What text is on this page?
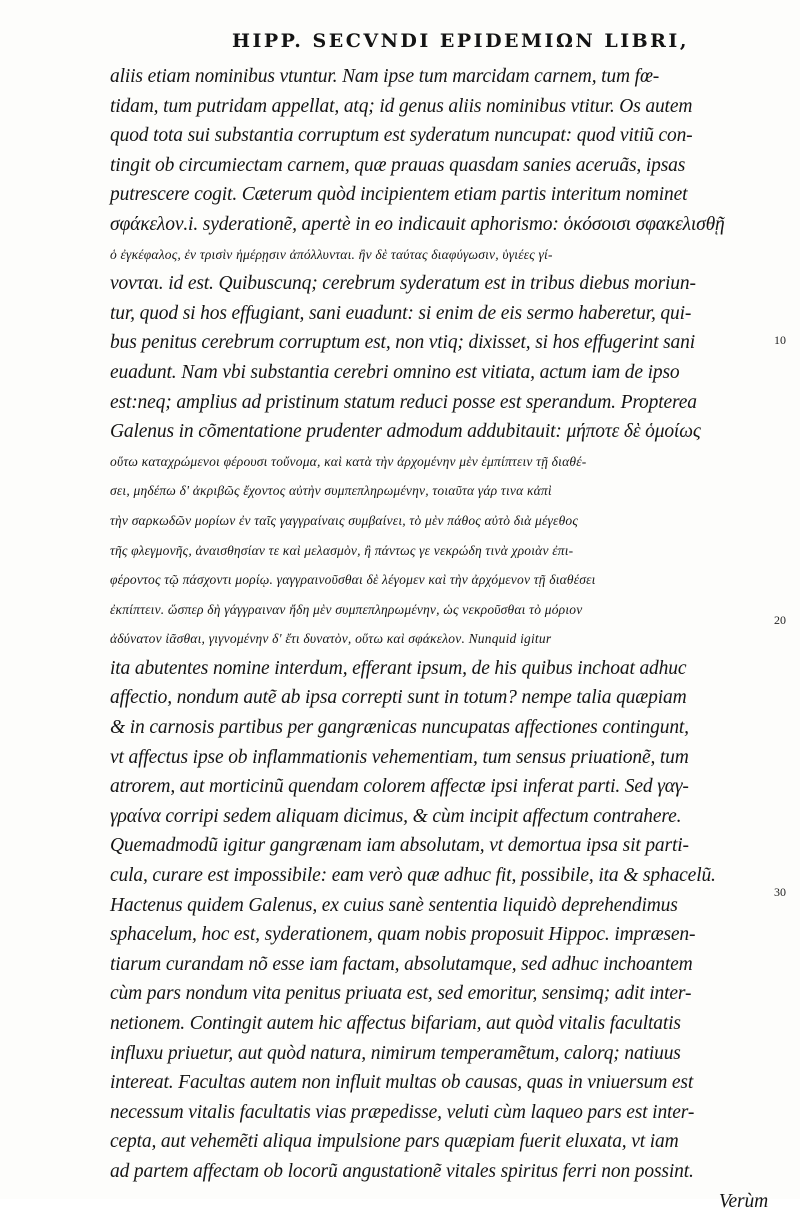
HIPP. SECVNDI EPIDEMIΩN LIBRI,
aliis etiam nominibus vtuntur. Nam ipse tum marcidam carnem, tum fœ-
tidam, tum putridam appellat, atq; id genus aliis nominibus vtitur. Os autem
quod tota sui substantia corruptum est syderatum nuncupat: quod vitiũ con-
tingit ob circumiectam carnem, quæ prauas quasdam sanies aceruãs, ipsas
putrescere cogit. Cæterum quòd incipientem etiam partis interitum nominet
σφάκελον.i. syderationẽ, apertè in eo indicauit aphorismo: ὁκόσοισι σφακελισθῇ
ὁ ἐγκέφαλος, ἐν τρισὶν ἡμέρῃσιν ἀπόλλυνται. ἢν δὲ ταύτας διαφύγωσιν, ὑγιέες γί-
νονται. id est. Quibuscunq; cerebrum syderatum est in tribus diebus moriun-
tur, quod si hos effugiant, sani euadunt: si enim de eis sermo haberetur, qui-
bus penitus cerebrum corruptum est, non vtiq; dixisset, si hos effugerint sani
euadunt. Nam vbi substantia cerebri omnino est vitiata, actum iam de ipso
est:neq; amplius ad pristinum statum reduci posse est sperandum. Propterea
Galenus in cõmentatione prudenter admodum addubitauit: μήποτε δὲ ὁμοίως
οὕτω καταχρώμενοι φέρουσι τοὔνομα, καὶ κατὰ τὴν ἀρχομένην μὲν ἐμπίπτειν τῇ διαθέ-
σει, μηδέπω δ' ἀκριβῶς ἔχοντος αὐτὴν συμπεπληρωμένην, τοιαῦτα γάρ τινα κἀπὶ
τὴν σαρκωδῶν μορίων ἐν ταῖς γαγγραίναις συμβαίνει, τὸ μὲν πάθος αὐτὸ διὰ μέγεθος
τῆς φλεγμονῆς, ἀναισθησίαν τε καὶ μελασμὸν, ἢ πάντως γε νεκρώδη τινὰ χροιὰν ἐπι-
φέροντος τῷ πάσχοντι μορίῳ. γαγγραινοῦσθαι δὲ λέγομεν καὶ τὴν ἀρχόμενον τῇ διαθέσει
ἐκπίπτειν. ὥσπερ δὴ γάγγραιναν ἤδη μὲν συμπεπληρωμένην, ὡς νεκροῦσθαι τὸ μόριον
ἀδύνατον ἰᾶσθαι, γιγνομένην δ' ἔτι δυνατὸν, οὕτω καὶ σφάκελον. Nunquid igitur
ita abutentes nomine interdum, efferant ipsum, de his quibus inchoat adhuc
affectio, nondum autẽ ab ipsa correpti sunt in totum? nempe talia quæpiam
& in carnosis partibus per gangrænicas nuncupatas affectiones contingunt,
vt affectus ipse ob inflammationis vehementiam, tum sensus priuationẽ, tum
atrorem, aut morticinũ quendam colorem affectæ ipsi inferat parti. Sed γαγ-
γραίνα corripi sedem aliquam dicimus, & cùm incipit affectum contrahere.
Quemadmodũ igitur gangrænam iam absolutam, vt demortua ipsa sit parti-
cula, curare est impossibile: eam verò quæ adhuc fit, possibile, ita & sphacelũ.
Hactenus quidem Galenus, ex cuius sanè sententia liquidò deprehendimus
sphacelum, hoc est, syderationem, quam nobis proposuit Hippoc. impræsen-
tiarum curandam nõ esse iam factam, absolutamque, sed adhuc inchoantem
cùm pars nondum vita penitus priuata est, sed emoritur, sensimq; adit inter-
netionem. Contingit autem hic affectus bifariam, aut quòd vitalis facultatis
influxu priuetur, aut quòd natura, nimirum temperamẽtum, calorq; natiuus
intereat. Facultas autem non influit multas ob causas, quas in vniuersum est
necessum vitalis facultatis vias præpedisse, veluti cùm laqueo pars est inter-
cepta, aut vehemẽti aliqua impulsione pars quæpiam fuerit eluxata, vt iam
ad partem affectam ob locorũ angustationẽ vitales spiritus ferri non possint.
Verùm
10
20
30
